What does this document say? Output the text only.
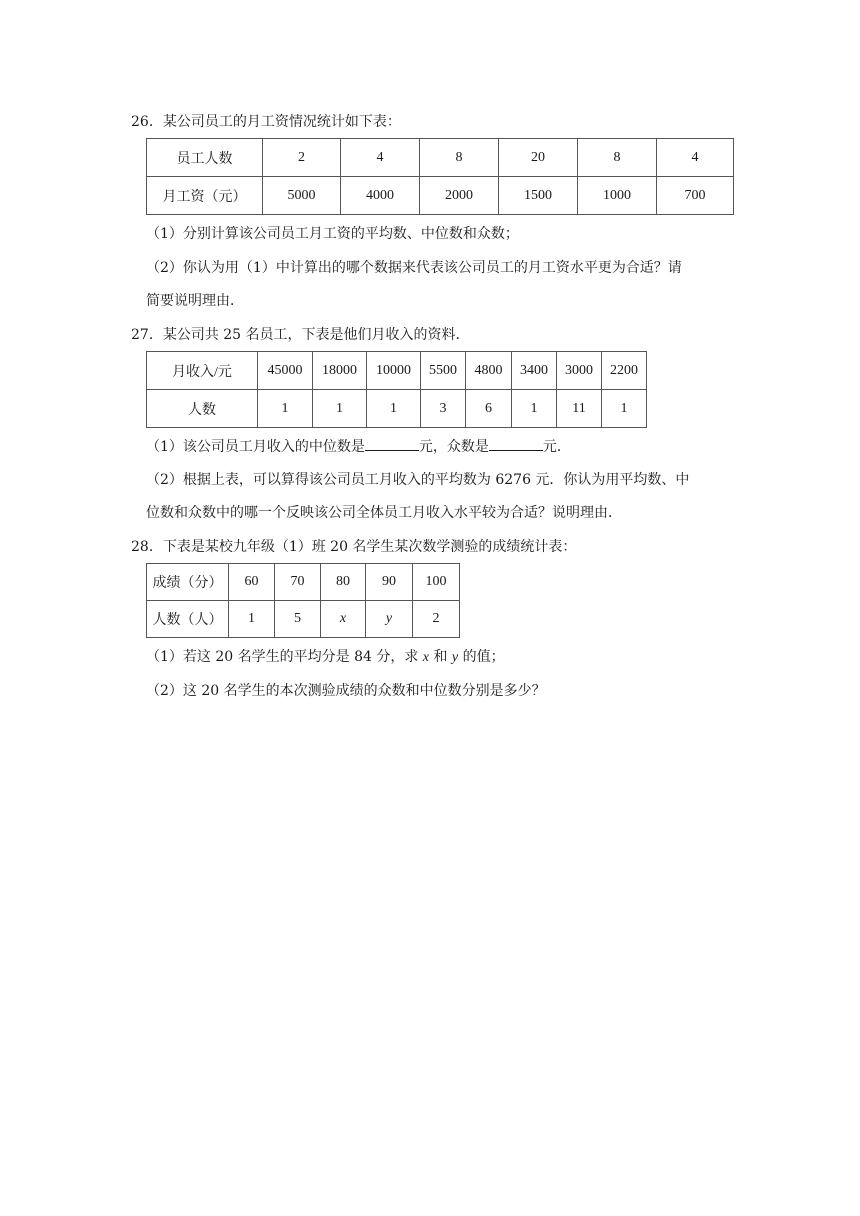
26．某公司员工的月工资情况统计如下表：
员工人数	2	4	8	20	8	4
月工资（元）	5000	4000	2000	1500	1000	700
（1）分别计算该公司员工月工资的平均数、中位数和众数；
（2）你认为用（1）中计算出的哪个数据来代表该公司员工的月工资水平更为合适？请
简要说明理由．
27．某公司共 25 名员工，下表是他们月收入的资料．
月收入/元	45000	18000	10000	5500	4800	3400	3000	2200
人数	1	1	1	3	6	1	11	1
（1）该公司员工月收入的中位数是	元，众数是	元．
（2）根据上表，可以算得该公司员工月收入的平均数为 6276 元．你认为用平均数、中
位数和众数中的哪一个反映该公司全体员工月收入水平较为合适？说明理由．
28．下表是某校九年级（1）班 20 名学生某次数学测验的成绩统计表：
成绩（分）	60	70	80	90	100
人数（人）	1	5	x	y	2
（1）若这 20 名学生的平均分是 84 分，求 x 和 y 的值；
（2）这 20 名学生的本次测验成绩的众数和中位数分别是多少？
